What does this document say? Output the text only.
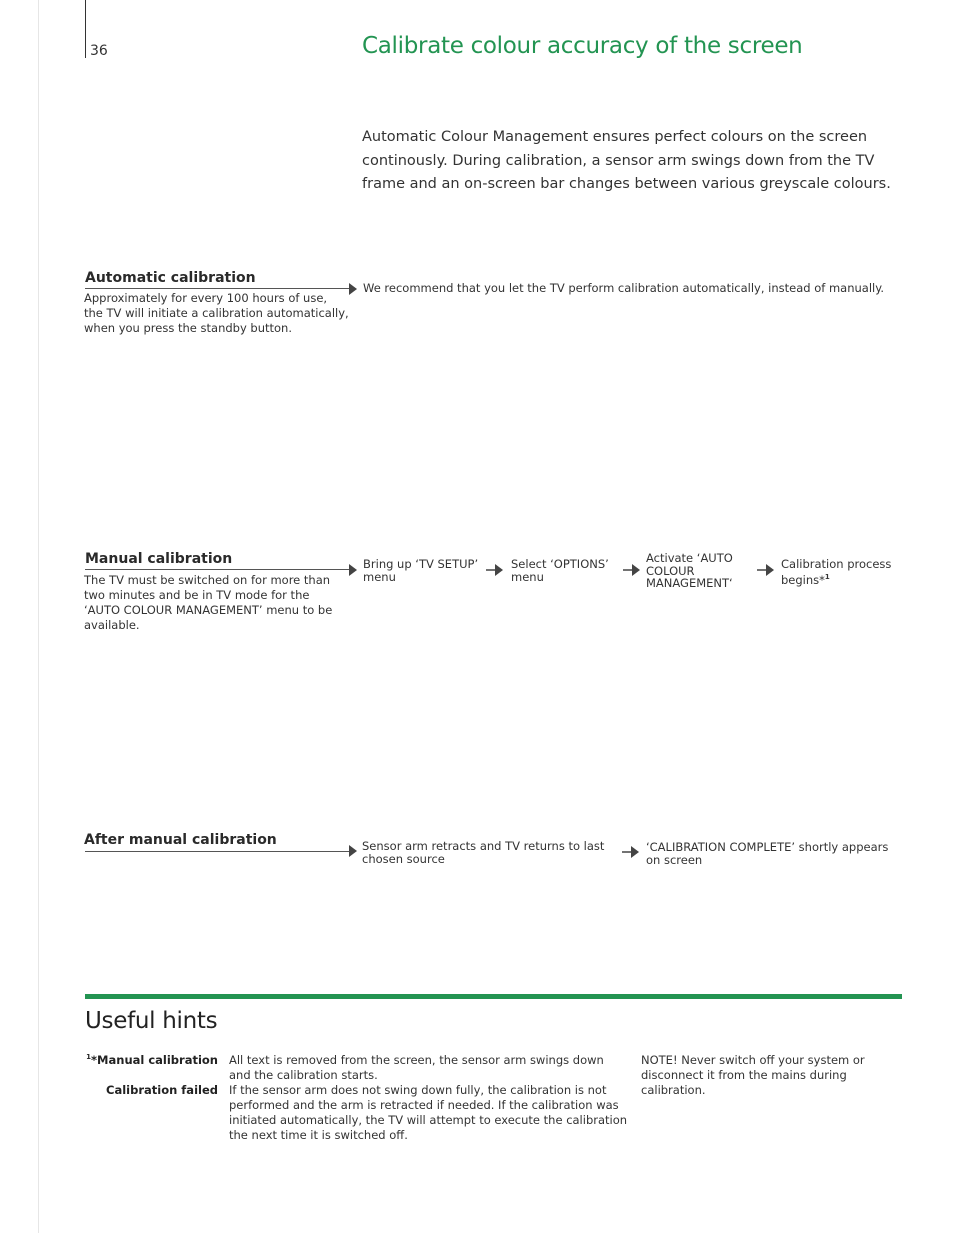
36	Calibrate colour accuracy of the screen

Automatic Colour Management ensures perfect colours on the screen continously. During calibration, a sensor arm swings down from the TV frame and an on-screen bar changes between various greyscale colours.

Automatic calibration
Approximately for every 100 hours of use, the TV will initiate a calibration automatically, when you press the standby button.
We recommend that you let the TV perform calibration automatically, instead of manually.
Manual calibration
The TV must be switched on for more than two minutes and be in TV mode for the ‘AUTO COLOUR MANAGEMENT’ menu to be available.
Bring up ‘TV SETUP’ menu
Select ‘OPTIONS’ menu
Activate ‘AUTO COLOUR MANAGEMENT‘
Calibration process begins*$^1$
After manual calibration	Sensor arm retracts and TV returns to last chosen source
‘CALIBRATION COMPLETE’ shortly appears on screen
Useful hints
$^1$*Manual calibration All text is removed from the screen, the sensor arm swings down and the calibration starts.
Calibration failed If the sensor arm does not swing down fully, the calibration is not performed and the arm is retracted if needed. If the calibration was initiated automatically, the TV will attempt to execute the calibration the next time it is switched off.
NOTE! Never switch off your system or disconnect it from the mains during calibration.
